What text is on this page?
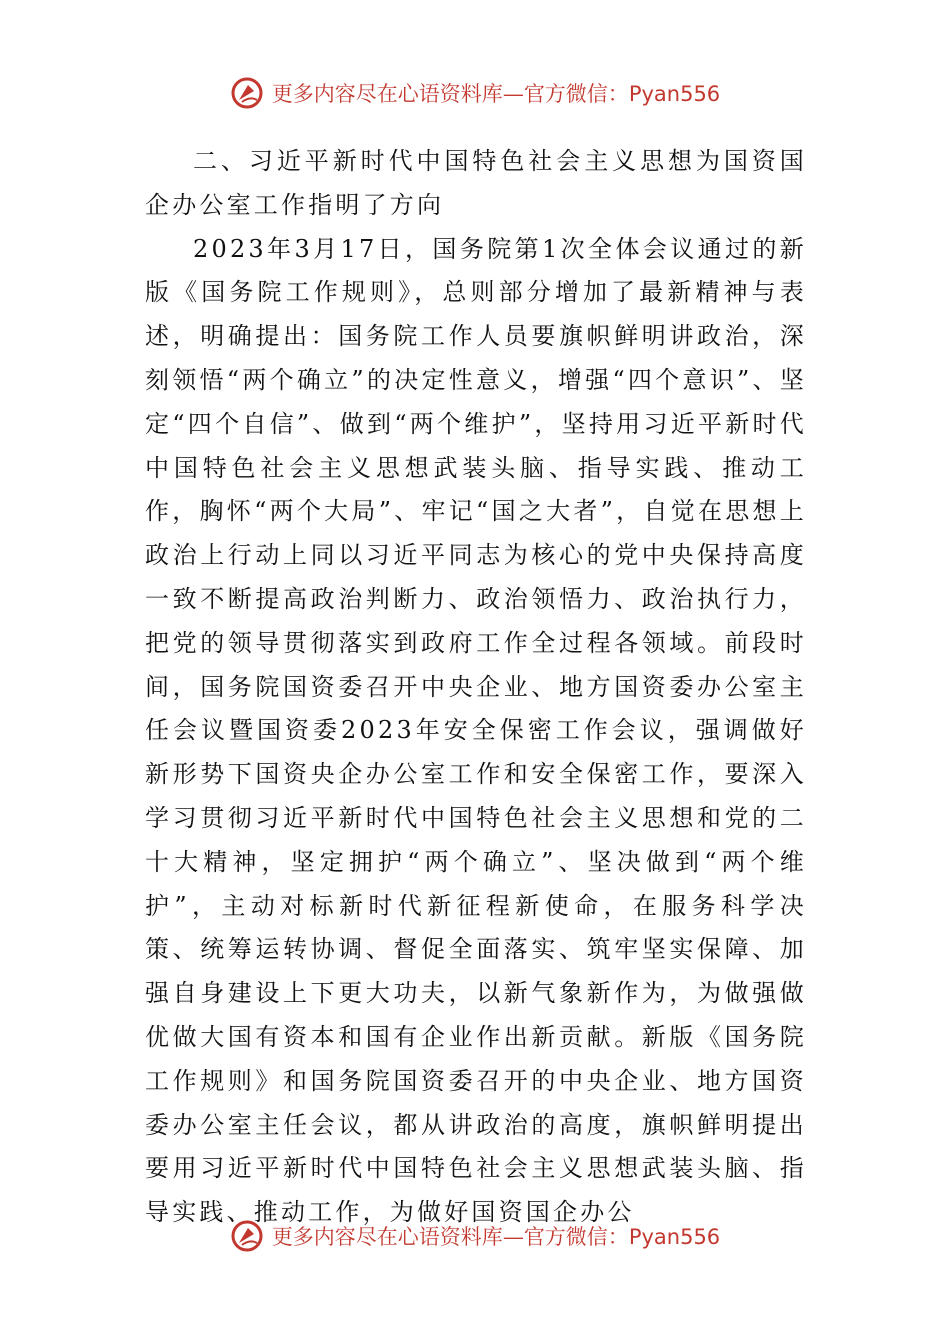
更多内容尽在心语资料库—官方微信：Pyan556

二、习近平新时代中国特色社会主义思想为国资国企办公室工作指明了方向

2023年3月17日，国务院第1次全体会议通过的新版《国务院工作规则》，总则部分增加了最新精神与表述，明确提出：国务院工作人员要旗帜鲜明讲政治，深刻领悟“两个确立”的决定性意义，增强“四个意识”、坚定“四个自信”、做到“两个维护”，坚持用习近平新时代中国特色社会主义思想武装头脑、指导实践、推动工作，胸怀“两个大局”、牢记“国之大者”，自觉在思想上政治上行动上同以习近平同志为核心的党中央保持高度一致不断提高政治判断力、政治领悟力、政治执行力，把党的领导贯彻落实到政府工作全过程各领域。前段时间，国务院国资委召开中央企业、地方国资委办公室主任会议暨国资委2023年安全保密工作会议，强调做好新形势下国资央企办公室工作和安全保密工作，要深入学习贯彻习近平新时代中国特色社会主义思想和党的二十大精神，坚定拥护“两个确立”、坚决做到“两个维护”，主动对标新时代新征程新使命，在服务科学决策、统筹运转协调、督促全面落实、筑牢坚实保障、加强自身建设上下更大功夫，以新气象新作为，为做强做优做大国有资本和国有企业作出新贡献。新版《国务院工作规则》和国务院国资委召开的中央企业、地方国资委办公室主任会议，都从讲政治的高度，旗帜鲜明提出要用习近平新时代中国特色社会主义思想武装头脑、指导实践、推动工作，为做好国资国企办公

更多内容尽在心语资料库—官方微信：Pyan556
